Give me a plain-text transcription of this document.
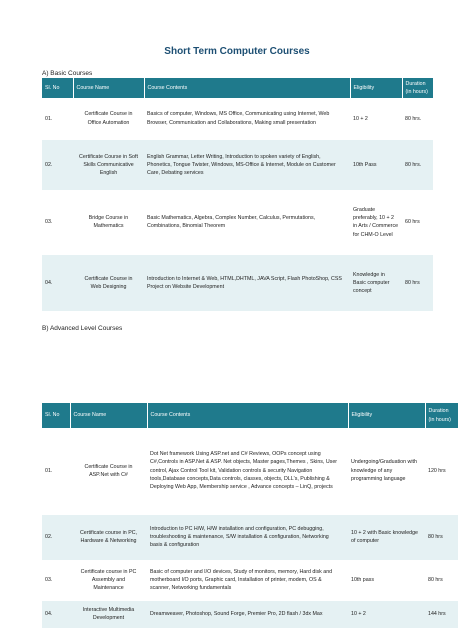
Short Term Computer Courses
A) Basic Courses
Sl. No	Course Name	Course Contents	Eligibility	Duration (in hours)
01.	Certificate Course in Office Automation	Basics of computer, Windows, MS Office, Communicating using Internet, Web Browser, Communication and Collaborations, Making small presentation	10 + 2	80 hrs.
02.	Certificate Course in Soft Skills Communicative English	English Grammar, Letter Writing, Introduction to spoken variety of English, Phonetics, Tongue Twister, Windows, MS-Office & Internet, Module on Customer Care, Debating services	10th Pass	80 hrs.
03.	Bridge Course in Mathematics	Basic Mathematics, Algebra, Complex Number, Calculus, Permutations, Combinations, Binomial Theorem	Graduate preferably, 10 + 2 in Arts / Commerce for CHM-O Level	60 hrs
04.	Certificate Course in Web Designing	Introduction to Internet & Web, HTML,DHTML, JAVA Script, Flash PhotoShop, CSS Project on Website Development	Knowledge in Basic computer concept	80 hrs
B) Advanced Level Courses
Sl. No	Course Name	Course Contents	Eligibility	Duration (in hours)
01.	Certificate Course in ASP.Net with C#	Dot Net framework Using ASP.net and C# Reviews, OOPs concept using C#,Controls in ASP.Net & ASP. Net objects, Master pages,Themes , Skins, User control, Ajax Control Tool kit, Validation controls & security Navigation tools,Database concepts,Data controls, classes, objects, DLL's, Publishing & Deploying Web App, Membership service , Advance concepts – LinQ, projects	Undergoing/Graduation with knowledge of any programming language	120 hrs
02.	Certificate course in PC, Hardware & Networking	Introduction to PC H/W, H/W installation and configuration, PC debugging, troubleshooting & maintenance, S/W installation & configuration, Networking basis & configuration	10 + 2 with Basic knowledge of computer	80 hrs
03.	Certificate course in PC Assembly and Maintenance	Basic of computer and I/O devices, Study of monitors, memory, Hard disk and motherboard I/O ports, Graphic card, Installation of printer, modem, OS & scanner, Networking fundamentals	10th pass	80 hrs
04.	Interactive Multimedia Development	Dreamweaver, Photoshop, Sound Forge, Premier Pro, 2D flash / 3dx Max	10 + 2	144 hrs
